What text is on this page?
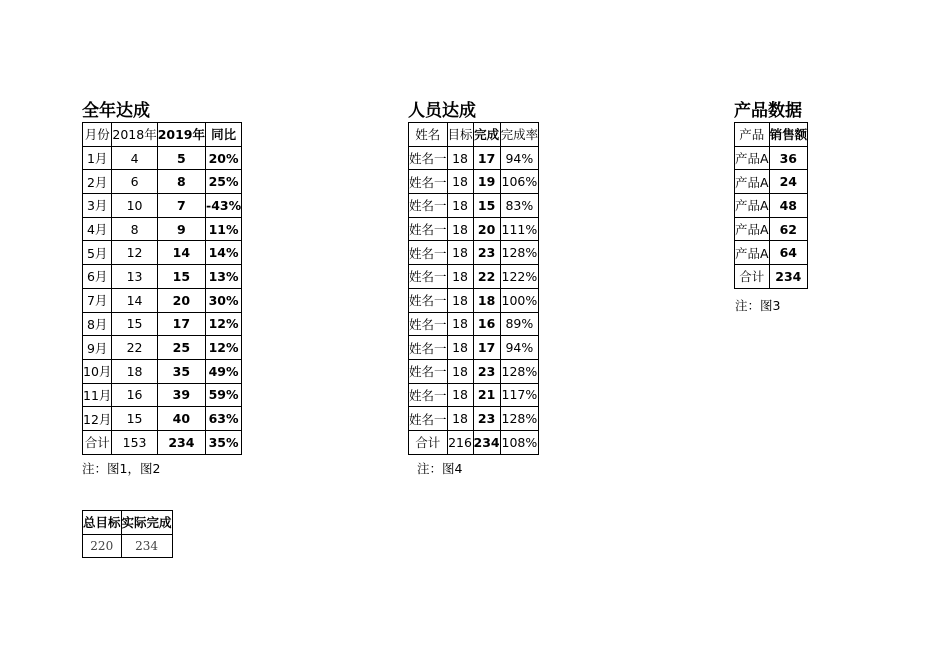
全年达成
月份	2018年	2019年	同比
1月	4	5	20%
2月	6	8	25%
3月	10	7	-43%
4月	8	9	11%
5月	12	14	14%
6月	13	15	13%
7月	14	20	30%
8月	15	17	12%
9月	22	25	12%
10月	18	35	49%
11月	16	39	59%
12月	15	40	63%
合计	153	234	35%
注：图1，图2
人员达成
姓名	目标	完成	完成率
姓名一	18	17	94%
姓名一	18	19	106%
姓名一	18	15	83%
姓名一	18	20	111%
姓名一	18	23	128%
姓名一	18	22	122%
姓名一	18	18	100%
姓名一	18	16	89%
姓名一	18	17	94%
姓名一	18	23	128%
姓名一	18	21	117%
姓名一	18	23	128%
合计	216	234	108%
注：图4
产品数据
产品	销售额
产品A	36
产品A	24
产品A	48
产品A	62
产品A	64
合计	234
注：图3
总目标	实际完成
220	234
